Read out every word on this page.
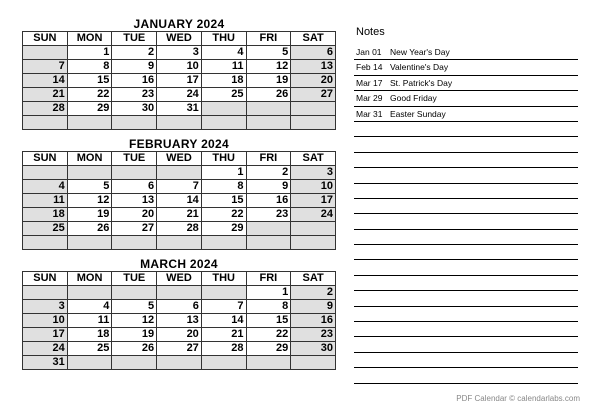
JANUARY 2024
SUN	MON	TUE	WED	THU	FRI	SAT
	1	2	3	4	5	6
7	8	9	10	11	12	13
14	15	16	17	18	19	20
21	22	23	24	25	26	27
28	29	30	31			

FEBRUARY 2024
SUN	MON	TUE	WED	THU	FRI	SAT
				1	2	3
4	5	6	7	8	9	10
11	12	13	14	15	16	17
18	19	20	21	22	23	24
25	26	27	28	29		

MARCH 2024
SUN	MON	TUE	WED	THU	FRI	SAT
					1	2
3	4	5	6	7	8	9
10	11	12	13	14	15	16
17	18	19	20	21	22	23
24	25	26	27	28	29	30
31						
Notes
Jan 01 New Year's Day
Feb 14 Valentine's Day
Mar 17 St. Patrick's Day
Mar 29 Good Friday
Mar 31 Easter Sunday
PDF Calendar © calendarlabs.com
